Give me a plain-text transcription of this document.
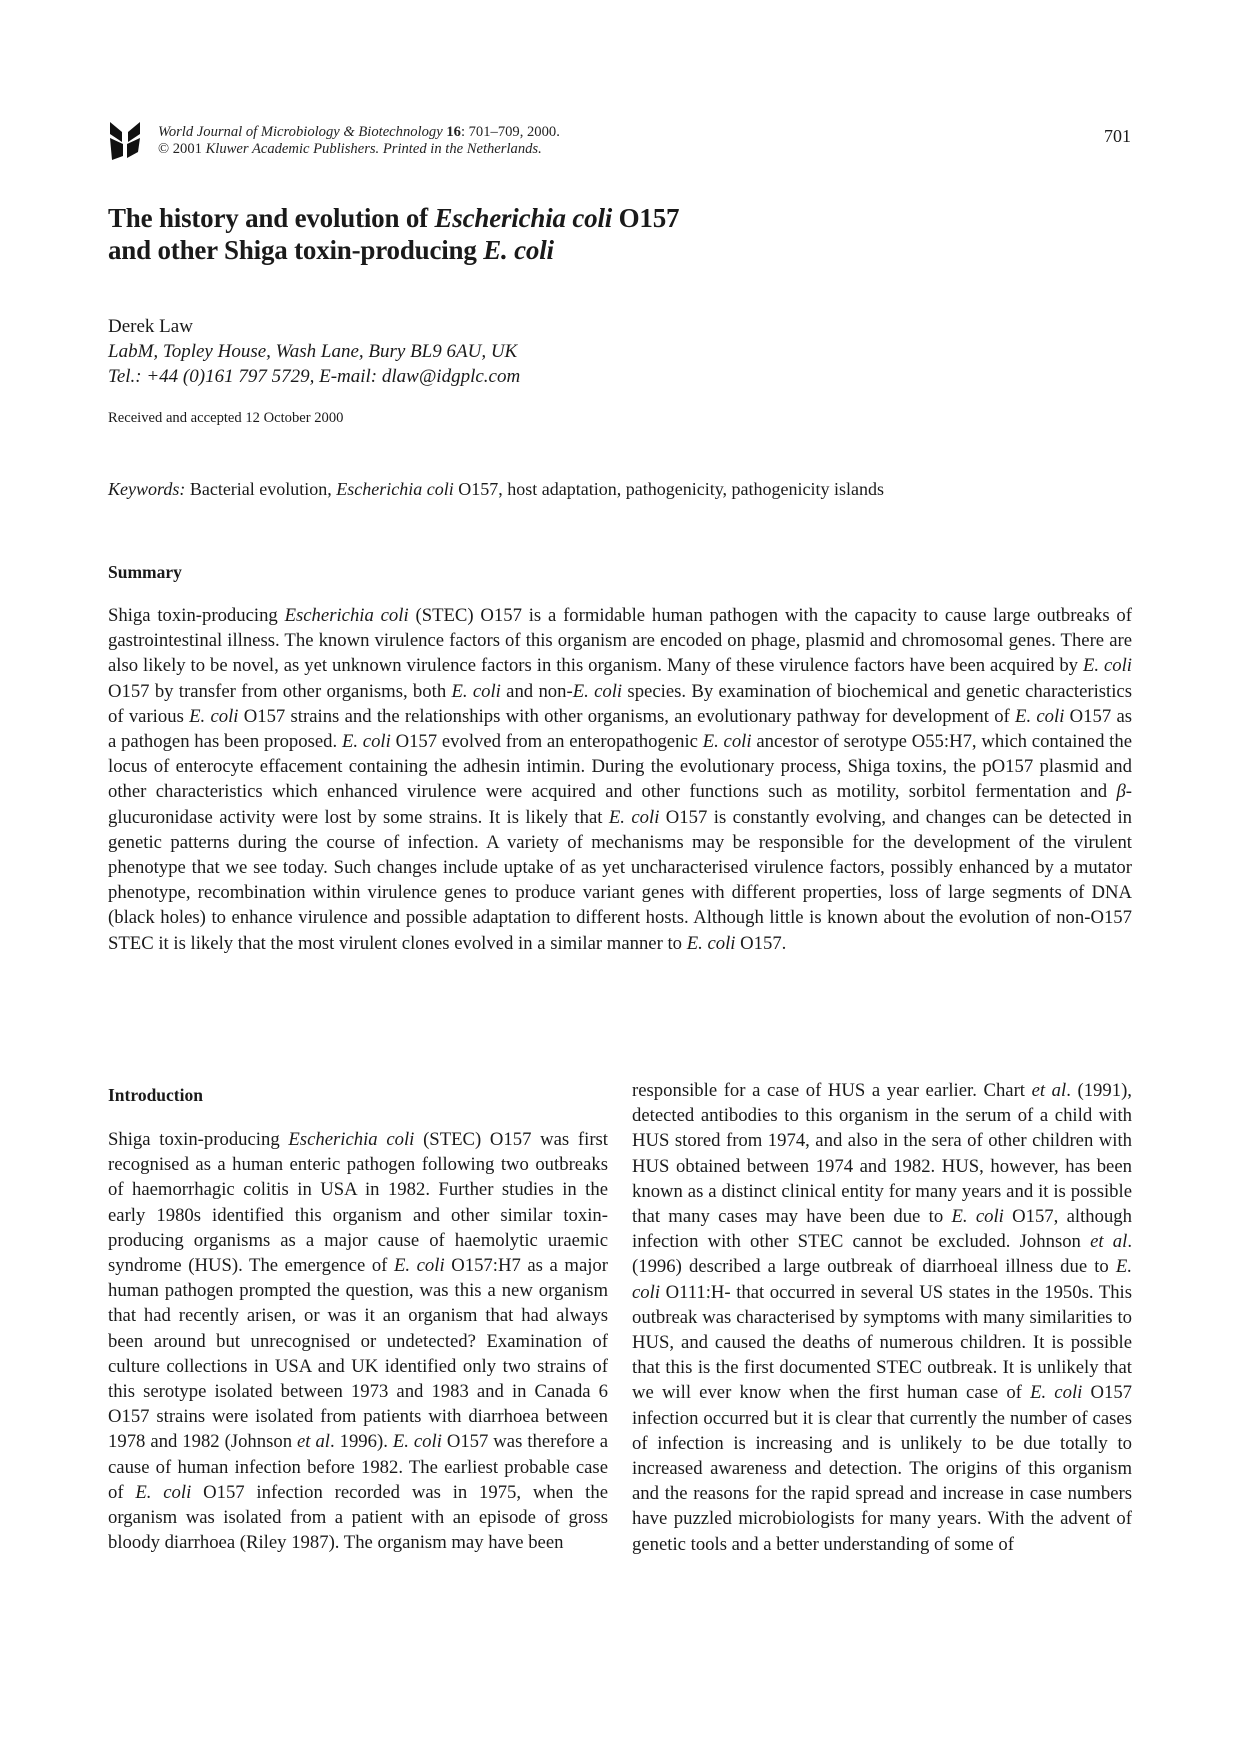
World Journal of Microbiology & Biotechnology 16: 701–709, 2000.
© 2001 Kluwer Academic Publishers. Printed in the Netherlands.
701
The history and evolution of Escherichia coli O157
and other Shiga toxin-producing E. coli
Derek Law
LabM, Topley House, Wash Lane, Bury BL9 6AU, UK
Tel.: +44 (0)161 797 5729, E-mail: dlaw@idgplc.com
Received and accepted 12 October 2000
Keywords: Bacterial evolution, Escherichia coli O157, host adaptation, pathogenicity, pathogenicity islands
Summary
Shiga toxin-producing Escherichia coli (STEC) O157 is a formidable human pathogen with the capacity to cause large outbreaks of gastrointestinal illness. The known virulence factors of this organism are encoded on phage, plasmid and chromosomal genes. There are also likely to be novel, as yet unknown virulence factors in this organism. Many of these virulence factors have been acquired by E. coli O157 by transfer from other organisms, both E. coli and non-E. coli species. By examination of biochemical and genetic characteristics of various E. coli O157 strains and the relationships with other organisms, an evolutionary pathway for development of E. coli O157 as a pathogen has been proposed. E. coli O157 evolved from an enteropathogenic E. coli ancestor of serotype O55:H7, which contained the locus of enterocyte effacement containing the adhesin intimin. During the evolutionary process, Shiga toxins, the pO157 plasmid and other characteristics which enhanced virulence were acquired and other functions such as motility, sorbitol fermentation and β-glucuronidase activity were lost by some strains. It is likely that E. coli O157 is constantly evolving, and changes can be detected in genetic patterns during the course of infection. A variety of mechanisms may be responsible for the development of the virulent phenotype that we see today. Such changes include uptake of as yet uncharacterised virulence factors, possibly enhanced by a mutator phenotype, recombination within virulence genes to produce variant genes with different properties, loss of large segments of DNA (black holes) to enhance virulence and possible adaptation to different hosts. Although little is known about the evolution of non-O157 STEC it is likely that the most virulent clones evolved in a similar manner to E. coli O157.
Introduction
Shiga toxin-producing Escherichia coli (STEC) O157 was first recognised as a human enteric pathogen following two outbreaks of haemorrhagic colitis in USA in 1982. Further studies in the early 1980s identified this organism and other similar toxin-producing organisms as a major cause of haemolytic uraemic syndrome (HUS). The emergence of E. coli O157:H7 as a major human pathogen prompted the question, was this a new organism that had recently arisen, or was it an organism that had always been around but unrecognised or undetected? Examination of culture collections in USA and UK identified only two strains of this serotype isolated between 1973 and 1983 and in Canada 6 O157 strains were isolated from patients with diarrhoea between 1978 and 1982 (Johnson et al. 1996). E. coli O157 was therefore a cause of human infection before 1982. The earliest probable case of E. coli O157 infection recorded was in 1975, when the organism was isolated from a patient with an episode of gross bloody diarrhoea (Riley 1987). The organism may have been
responsible for a case of HUS a year earlier. Chart et al. (1991), detected antibodies to this organism in the serum of a child with HUS stored from 1974, and also in the sera of other children with HUS obtained between 1974 and 1982. HUS, however, has been known as a distinct clinical entity for many years and it is possible that many cases may have been due to E. coli O157, although infection with other STEC cannot be excluded. Johnson et al. (1996) described a large outbreak of diarrhoeal illness due to E. coli O111:H- that occurred in several US states in the 1950s. This outbreak was characterised by symptoms with many similarities to HUS, and caused the deaths of numerous children. It is possible that this is the first documented STEC outbreak. It is unlikely that we will ever know when the first human case of E. coli O157 infection occurred but it is clear that currently the number of cases of infection is increasing and is unlikely to be due totally to increased awareness and detection. The origins of this organism and the reasons for the rapid spread and increase in case numbers have puzzled microbiologists for many years. With the advent of genetic tools and a better understanding of some of
